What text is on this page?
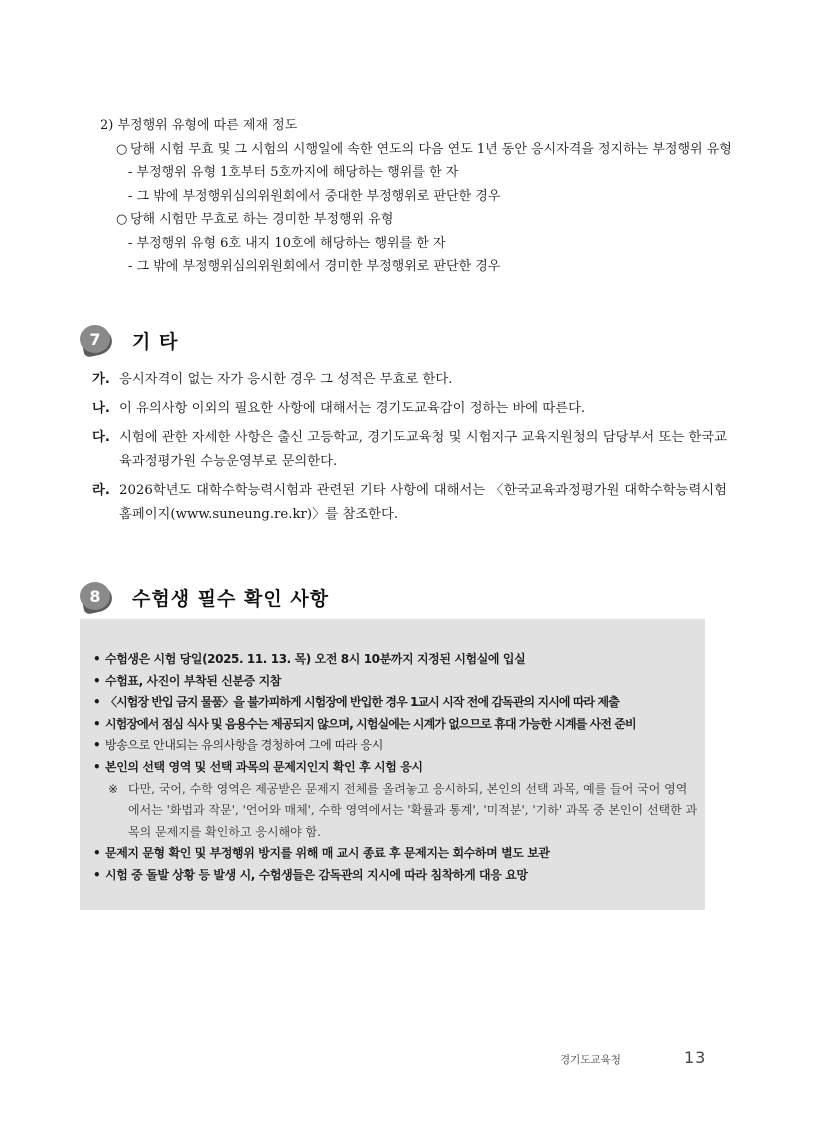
2) 부정행위 유형에 따른 제재 정도
○ 당해 시험 무효 및 그 시험의 시행일에 속한 연도의 다음 연도 1년 동안 응시자격을 정지하는 부정행위 유형
- 부정행위 유형 1호부터 5호까지에 해당하는 행위를 한 자
- 그 밖에 부정행위심의위원회에서 중대한 부정행위로 판단한 경우
○ 당해 시험만 무효로 하는 경미한 부정행위 유형
- 부정행위 유형 6호 내지 10호에 해당하는 행위를 한 자
- 그 밖에 부정행위심의위원회에서 경미한 부정행위로 판단한 경우
7	기 타
가. 응시자격이 없는 자가 응시한 경우 그 성적은 무효로 한다.
나. 이 유의사항 이외의 필요한 사항에 대해서는 경기도교육감이 정하는 바에 따른다.
다. 시험에 관한 자세한 사항은 출신 고등학교, 경기도교육청 및 시험지구 교육지원청의 담당부서 또는 한국교육과정평가원 수능운영부로 문의한다.
라. 2026학년도 대학수학능력시험과 관련된 기타 사항에 대해서는 〈한국교육과정평가원 대학수학능력시험 홈페이지(www.suneung.re.kr)〉를 참조한다.
8	수험생 필수 확인 사항
• 수험생은 시험 당일(2025. 11. 13. 목) 오전 8시 10분까지 지정된 시험실에 입실
• 수험표, 사진이 부착된 신분증 지참
• 〈시험장 반입 금지 물품〉을 불가피하게 시험장에 반입한 경우 1교시 시작 전에 감독관의 지시에 따라 제출
• 시험장에서 점심 식사 및 음용수는 제공되지 않으며, 시험실에는 시계가 없으므로 휴대 가능한 시계를 사전 준비
• 방송으로 안내되는 유의사항을 경청하여 그에 따라 응시
• 본인의 선택 영역 및 선택 과목의 문제지인지 확인 후 시험 응시
※ 다만, 국어, 수학 영역은 제공받은 문제지 전체를 올려놓고 응시하되, 본인의 선택 과목, 예를 들어 국어 영역에서는 '화법과 작문', '언어와 매체', 수학 영역에서는 '확률과 통계', '미적분', '기하' 과목 중 본인이 선택한 과목의 문제지를 확인하고 응시해야 함.
• 문제지 문형 확인 및 부정행위 방지를 위해 매 교시 종료 후 문제지는 회수하며 별도 보관
• 시험 중 돌발 상황 등 발생 시, 수험생들은 감독관의 지시에 따라 침착하게 대응 요망
경기도교육청	13
